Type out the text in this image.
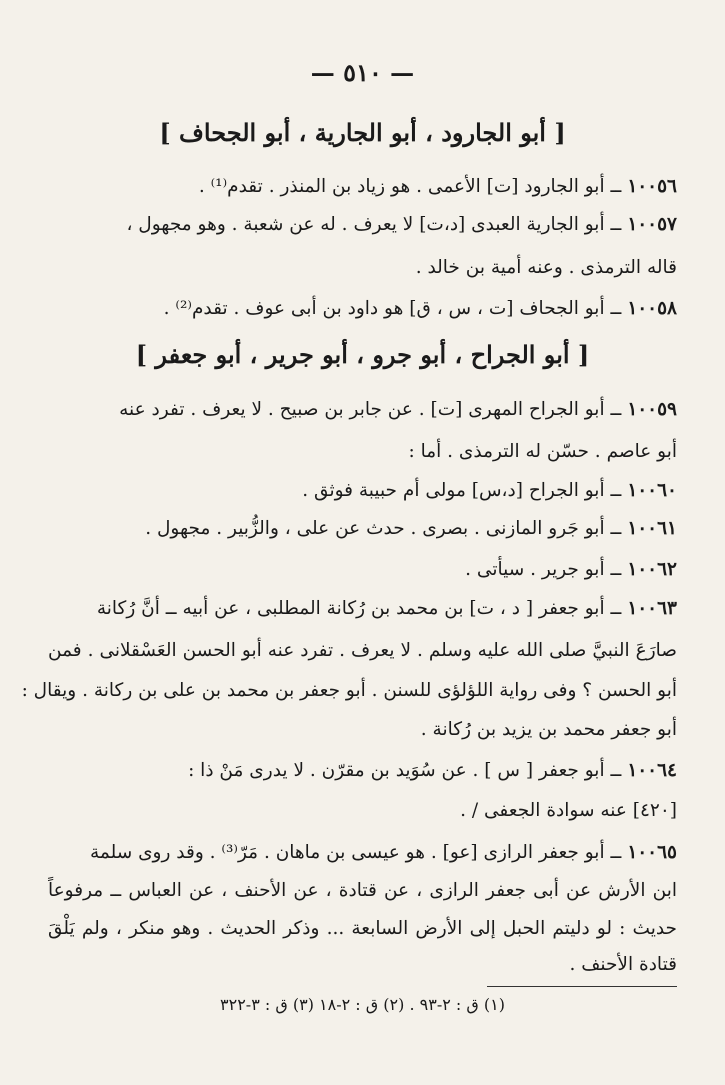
— ٥١٠ —
[ أبو الجارود ، أبو الجارية ، أبو الجحاف ]
١٠٠٥٦ــ أبو الجارود [ت] الأعمى . هو زياد بن المنذر . تقدم⁽¹⁾ .
١٠٠٥٧ــ أبو الجارية العبدى [د،ت] لا يعرف . له عن شعبة . وهو مجهول ،
قاله الترمذى . وعنه أمية بن خالد .
١٠٠٥٨ــ أبو الجحاف [ت ، س ، ق] هو داود بن أبى عوف . تقدم⁽²⁾ .
[ أبو الجراح ، أبو جرو ، أبو جرير ، أبو جعفر ]
١٠٠٥٩ــ أبو الجراح المهرى [ت] . عن جابر بن صبيح . لا يعرف . تفرد عنه
أبو عاصم . حسّن له الترمذى . أما :
١٠٠٦٠ــ أبو الجراح [د،س] مولى أم حبيبة فوثق .
١٠٠٦١ــ أبو جَرو المازنى . بصرى . حدث عن على ، والزُّبير . مجهول .
١٠٠٦٢ــ أبو جرير . سيأتى .
١٠٠٦٣ــ أبو جعفر [ د ، ت] بن محمد بن رُكانة المطلبى ، عن أبيه ــ أنَّ رُكانة
صارَعَ النبيَّ صلى الله عليه وسلم . لا يعرف . تفرد عنه أبو الحسن العَسْقلانى . فمن
أبو الحسن ؟ وفى رواية اللؤلؤى للسنن . أبو جعفر بن محمد بن على بن ركانة . ويقال :
أبو جعفر محمد بن يزيد بن رُكانة .
١٠٠٦٤ــ أبو جعفر [ س ] . عن سُوَيد بن مقرّن . لا يدرى مَنْ ذا :
[٤٢٠] عنه سوادة الجعفى / .
١٠٠٦٥ــ أبو جعفر الرازى [عو] . هو عيسى بن ماهان . مَرّ⁽³⁾ . وقد روى سلمة
ابن الأرش عن أبى جعفر الرازى ، عن قتادة ، عن الأحنف ، عن العباس ــ مرفوعاً
حديث : لو دليتم الحبل إلى الأرض السابعة ... وذكر الحديث . وهو منكر ، ولم يَلْقَ
قتادة الأحنف .
(١) ق : ٢-٩٣ . (٢) ق : ٢-١٨ (٣) ق : ٣-٣٢٢
